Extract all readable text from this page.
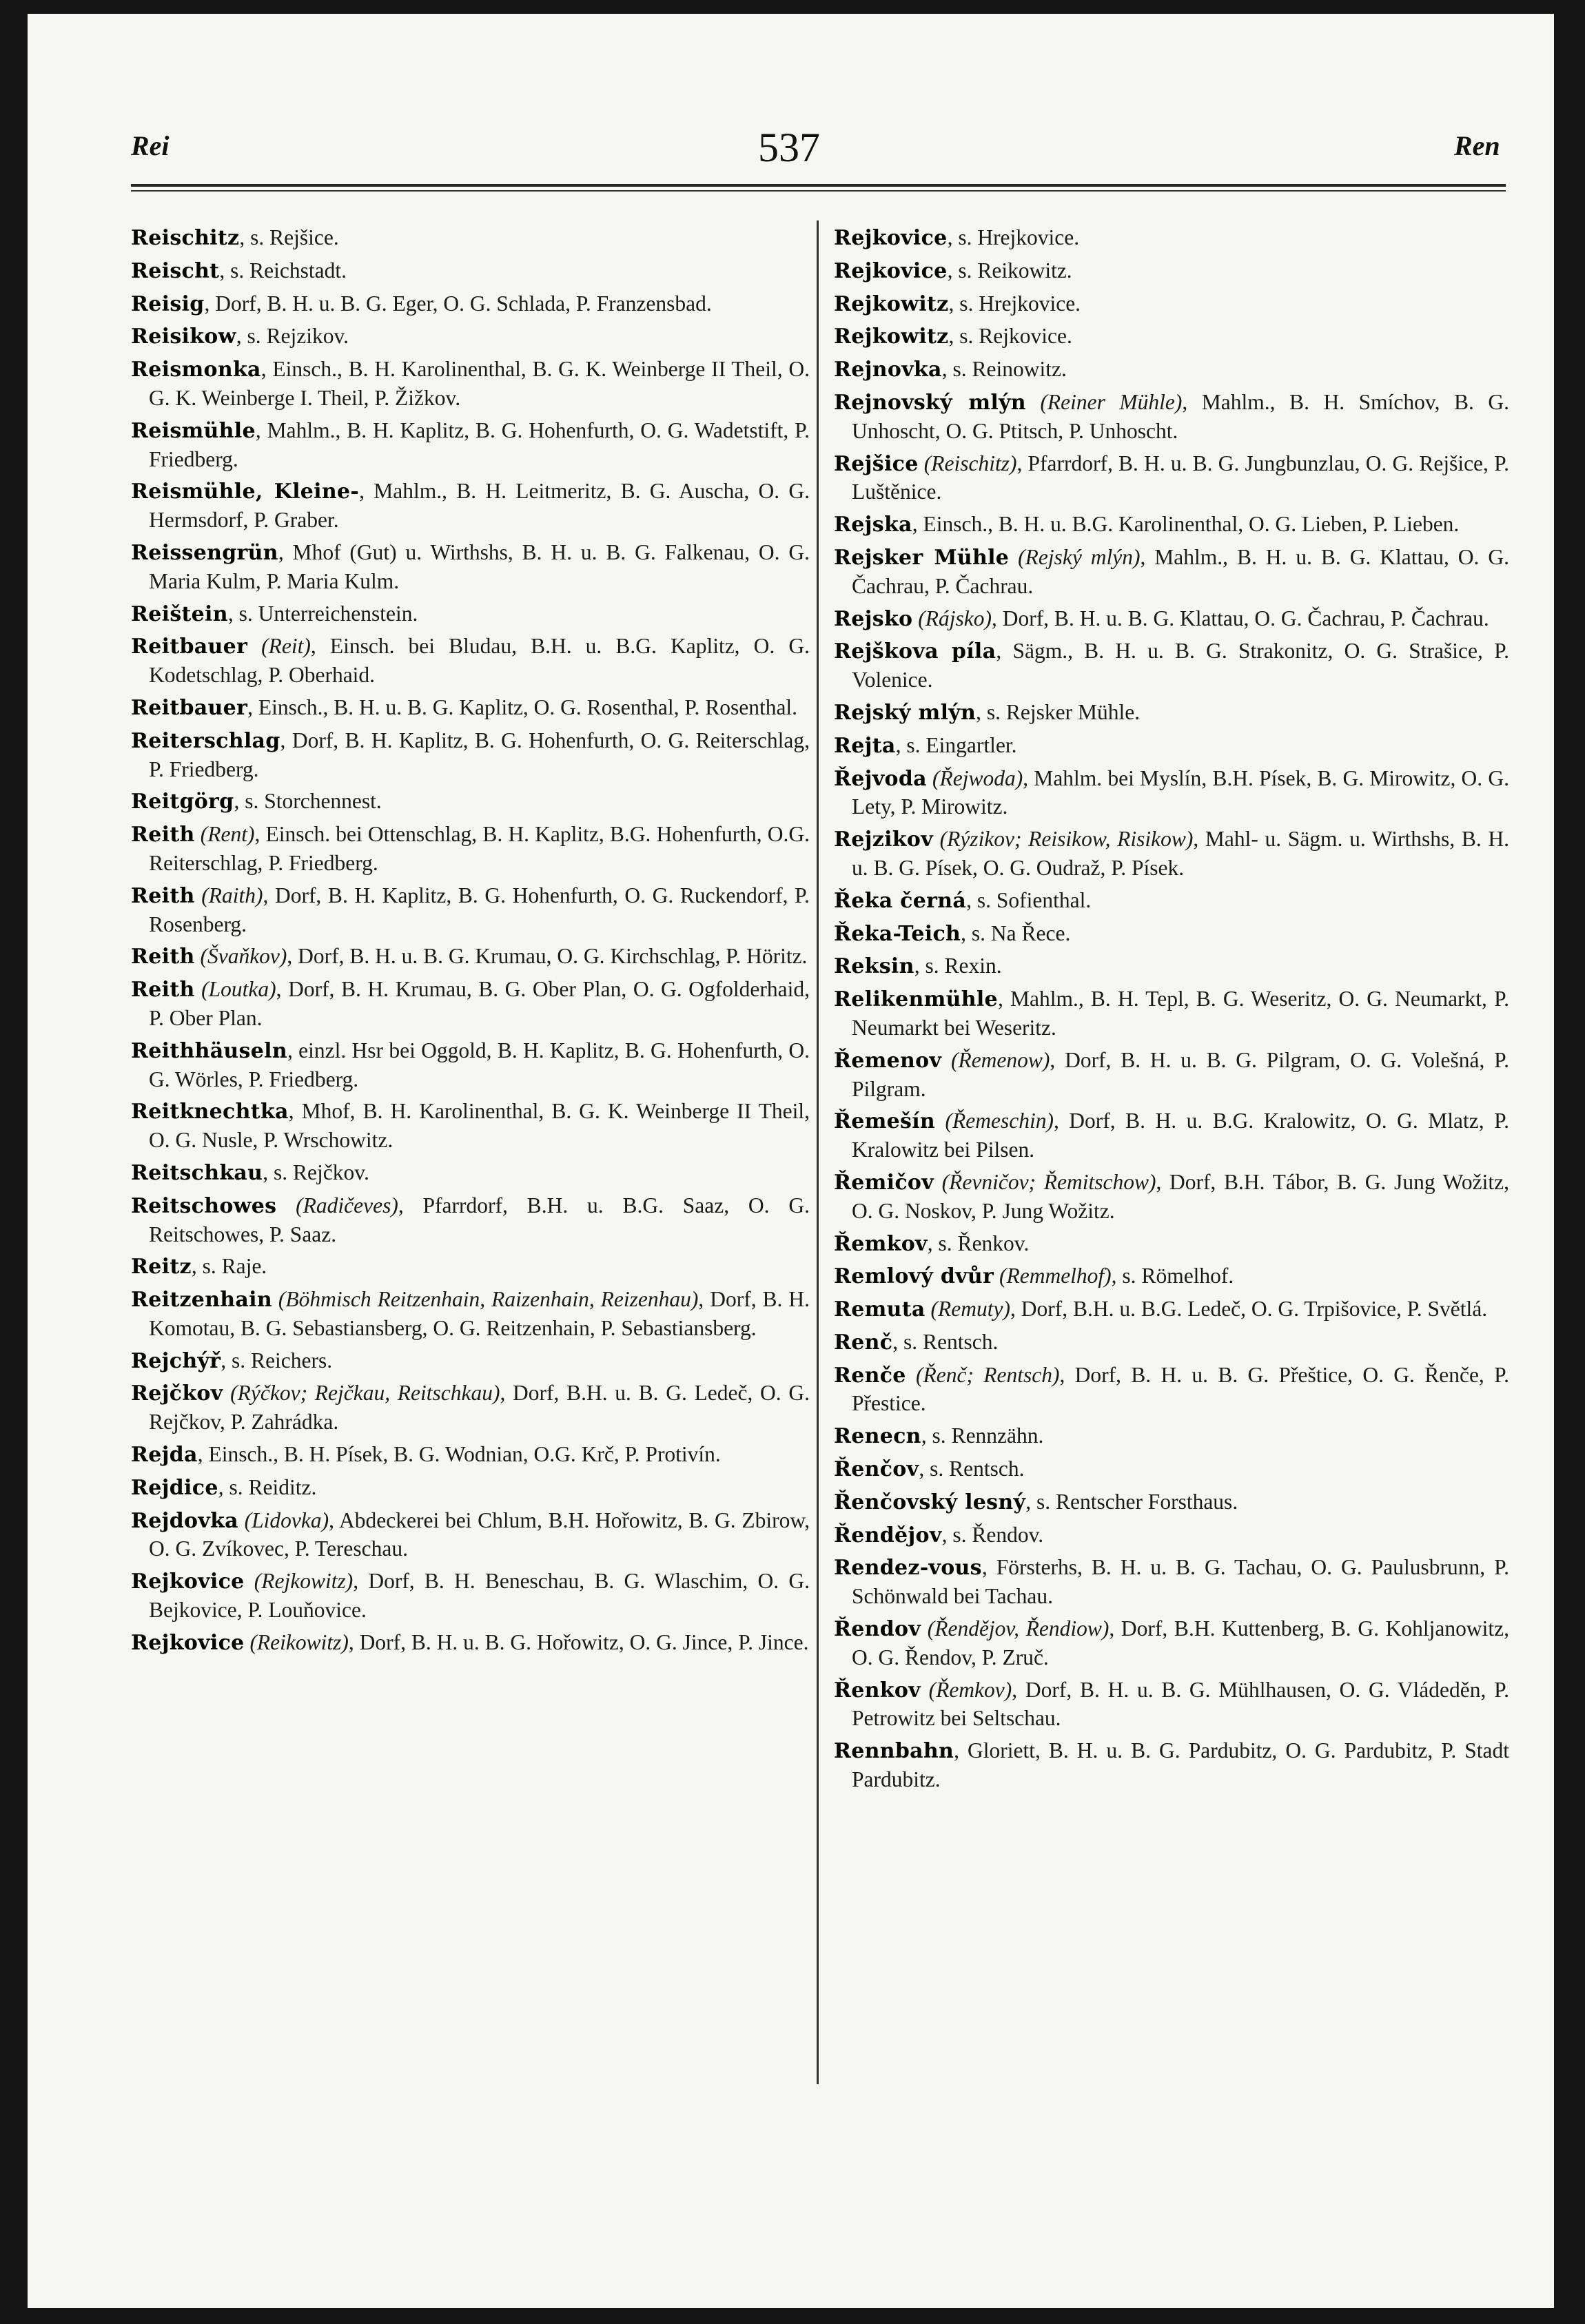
Rei	537	Ren

Reischitz, s. Rejšice.

Reischt, s. Reichstadt.

Reisig, Dorf, B. H. u. B. G. Eger, O. G. Schlada, P. Franzensbad.

Reisikow, s. Rejzikov.

Reismonka, Einsch., B. H. Karolinenthal, B. G. K. Weinberge II Theil, O. G. K. Weinberge I. Theil, P. Žižkov.

Reismühle, Mahlm., B. H. Kaplitz, B. G. Hohenfurth, O. G. Wadetstift, P. Friedberg.

Reismühle, Kleine-, Mahlm., B. H. Leitmeritz, B. G. Auscha, O. G. Hermsdorf, P. Graber.

Reissengrün, Mhof (Gut) u. Wirthshs, B. H. u. B. G. Falkenau, O. G. Maria Kulm, P. Maria Kulm.

Reištein, s. Unterreichenstein.

Reitbauer (Reit), Einsch. bei Bludau, B.H. u. B.G. Kaplitz, O. G. Kodetschlag, P. Oberhaid.

Reitbauer, Einsch., B. H. u. B. G. Kaplitz, O. G. Rosenthal, P. Rosenthal.

Reiterschlag, Dorf, B. H. Kaplitz, B. G. Hohenfurth, O. G. Reiterschlag, P. Friedberg.

Reitgörg, s. Storchennest.

Reith (Rent), Einsch. bei Ottenschlag, B. H. Kaplitz, B.G. Hohenfurth, O.G. Reiterschlag, P. Friedberg.

Reith (Raith), Dorf, B. H. Kaplitz, B. G. Hohenfurth, O. G. Ruckendorf, P. Rosenberg.

Reith (Švaňkov), Dorf, B. H. u. B. G. Krumau, O. G. Kirchschlag, P. Höritz.

Reith (Loutka), Dorf, B. H. Krumau, B. G. Ober Plan, O. G. Ogfolderhaid, P. Ober Plan.

Reithhäuseln, einzl. Hsr bei Oggold, B. H. Kaplitz, B. G. Hohenfurth, O. G. Wörles, P. Friedberg.

Reitknechtka, Mhof, B. H. Karolinenthal, B. G. K. Weinberge II Theil, O. G. Nusle, P. Wrschowitz.

Reitschkau, s. Rejčkov.

Reitschowes (Radičeves), Pfarrdorf, B.H. u. B.G. Saaz, O. G. Reitschowes, P. Saaz.

Reitz, s. Raje.

Reitzenhain (Böhmisch Reitzenhain, Raizenhain, Reizenhau), Dorf, B. H. Komotau, B. G. Sebastiansberg, O. G. Reitzenhain, P. Sebastiansberg.

Rejchýř, s. Reichers.

Rejčkov (Rýčkov; Rejčkau, Reitschkau), Dorf, B.H. u. B. G. Ledeč, O. G. Rejčkov, P. Zahrádka.

Rejda, Einsch., B. H. Písek, B. G. Wodnian, O.G. Krč, P. Protivín.

Rejdice, s. Reiditz.

Rejdovka (Lidovka), Abdeckerei bei Chlum, B.H. Hořowitz, B. G. Zbirow, O. G. Zvíkovec, P. Tereschau.

Rejkovice (Rejkowitz), Dorf, B. H. Beneschau, B. G. Wlaschim, O. G. Bejkovice, P. Louňovice.

Rejkovice (Reikowitz), Dorf, B. H. u. B. G. Hořowitz, O. G. Jince, P. Jince.

Rejkovice, s. Hrejkovice.

Rejkovice, s. Reikowitz.

Rejkowitz, s. Hrejkovice.

Rejkowitz, s. Rejkovice.

Rejnovka, s. Reinowitz.

Rejnovský mlýn (Reiner Mühle), Mahlm., B. H. Smíchov, B. G. Unhoscht, O. G. Ptitsch, P. Unhoscht.

Rejšice (Reischitz), Pfarrdorf, B. H. u. B. G. Jungbunzlau, O. G. Rejšice, P. Luštěnice.

Rejska, Einsch., B. H. u. B.G. Karolinenthal, O. G. Lieben, P. Lieben.

Rejsker Mühle (Rejský mlýn), Mahlm., B. H. u. B. G. Klattau, O. G. Čachrau, P. Čachrau.

Rejsko (Rájsko), Dorf, B. H. u. B. G. Klattau, O. G. Čachrau, P. Čachrau.

Rejškova píla, Sägm., B. H. u. B. G. Strakonitz, O. G. Strašice, P. Volenice.

Rejský mlýn, s. Rejsker Mühle.

Rejta, s. Eingartler.

Řejvoda (Řejwoda), Mahlm. bei Myslín, B.H. Písek, B. G. Mirowitz, O. G. Lety, P. Mirowitz.

Rejzikov (Rýzikov; Reisikow, Risikow), Mahl- u. Sägm. u. Wirthshs, B. H. u. B. G. Písek, O. G. Oudraž, P. Písek.

Řeka černá, s. Sofienthal.

Řeka-Teich, s. Na Řece.

Reksin, s. Rexin.

Relikenmühle, Mahlm., B. H. Tepl, B. G. Weseritz, O. G. Neumarkt, P. Neumarkt bei Weseritz.

Řemenov (Řemenow), Dorf, B. H. u. B. G. Pilgram, O. G. Volešná, P. Pilgram.

Řemešín (Řemeschin), Dorf, B. H. u. B.G. Kralowitz, O. G. Mlatz, P. Kralowitz bei Pilsen.

Řemičov (Řevničov; Řemitschow), Dorf, B.H. Tábor, B. G. Jung Wožitz, O. G. Noskov, P. Jung Wožitz.

Řemkov, s. Řenkov.

Remlový dvůr (Remmelhof), s. Römelhof.

Remuta (Remuty), Dorf, B.H. u. B.G. Ledeč, O. G. Trpišovice, P. Světlá.

Renč, s. Rentsch.

Renče (Řenč; Rentsch), Dorf, B. H. u. B. G. Přeštice, O. G. Řenče, P. Přestice.

Renecn, s. Rennzähn.

Řenčov, s. Rentsch.

Řenčovský lesný, s. Rentscher Forsthaus.

Řendějov, s. Řendov.

Rendez-vous, Försterhs, B. H. u. B. G. Tachau, O. G. Paulusbrunn, P. Schönwald bei Tachau.

Řendov (Řendějov, Řendiow), Dorf, B.H. Kuttenberg, B. G. Kohljanowitz, O. G. Řendov, P. Zruč.

Řenkov (Řemkov), Dorf, B. H. u. B. G. Mühlhausen, O. G. Vládeděn, P. Petrowitz bei Seltschau.

Rennbahn, Gloriett, B. H. u. B. G. Pardubitz, O. G. Pardubitz, P. Stadt Pardubitz.
